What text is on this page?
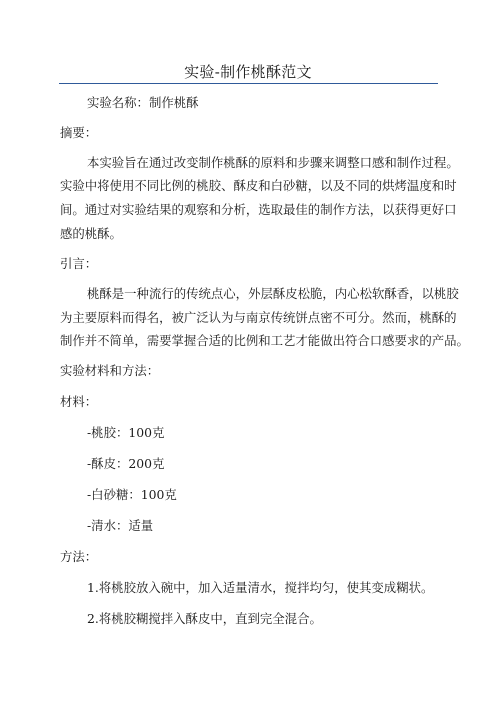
实验-制作桃酥范文
实验名称：制作桃酥
摘要：
本实验旨在通过改变制作桃酥的原料和步骤来调整口感和制作过程。
实验中将使用不同比例的桃胶、酥皮和白砂糖，以及不同的烘烤温度和时
间。通过对实验结果的观察和分析，选取最佳的制作方法，以获得更好口
感的桃酥。
引言：
桃酥是一种流行的传统点心，外层酥皮松脆，内心松软酥香，以桃胶
为主要原料而得名，被广泛认为与南京传统饼点密不可分。然而，桃酥的
制作并不简单，需要掌握合适的比例和工艺才能做出符合口感要求的产品。
实验材料和方法：
材料：
-桃胶：100克
-酥皮：200克
-白砂糖：100克
-清水：适量
方法：
1.将桃胶放入碗中，加入适量清水，搅拌均匀，使其变成糊状。
2.将桃胶糊搅拌入酥皮中，直到完全混合。
